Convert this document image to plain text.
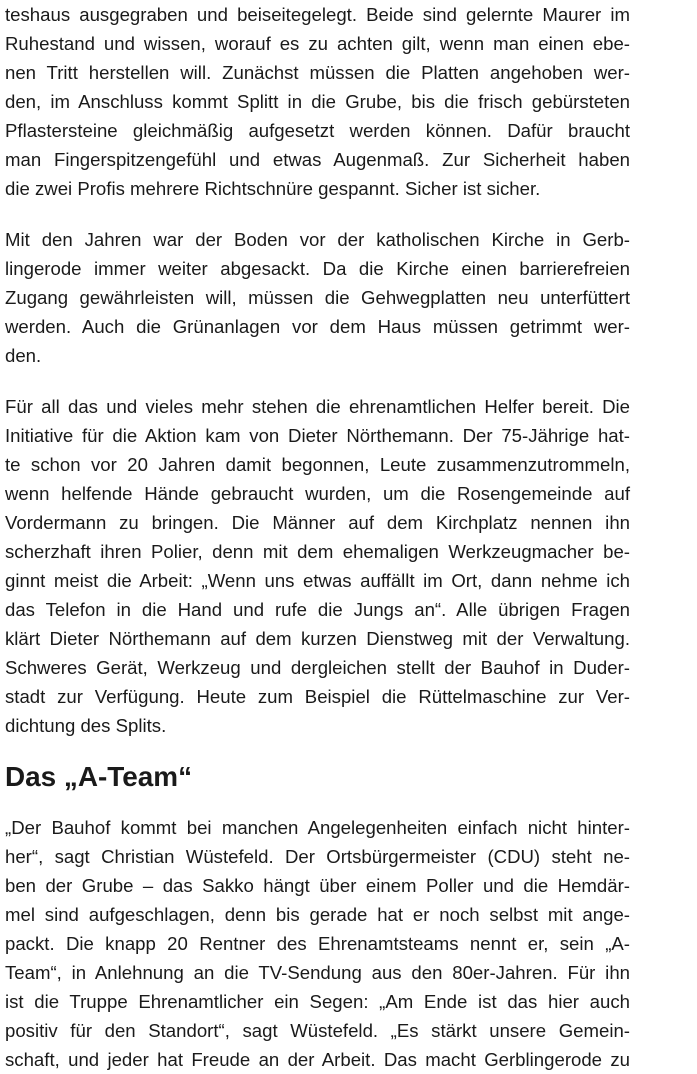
teshaus ausgegraben und beiseitegelegt. Beide sind gelernte Maurer im
Ruhestand und wissen, worauf es zu achten gilt, wenn man einen ebe-
nen Tritt herstellen will. Zunächst müssen die Platten angehoben wer-
den, im Anschluss kommt Splitt in die Grube, bis die frisch gebürsteten
Pflastersteine gleichmäßig aufgesetzt werden können. Dafür braucht
man Fingerspitzengefühl und etwas Augenmaß. Zur Sicherheit haben
die zwei Profis mehrere Richtschnüre gespannt. Sicher ist sicher.
Mit den Jahren war der Boden vor der katholischen Kirche in Gerb-
lingerode immer weiter abgesackt. Da die Kirche einen barrierefreien
Zugang gewährleisten will, müssen die Gehwegplatten neu unterfüttert
werden. Auch die Grünanlagen vor dem Haus müssen getrimmt wer-
den.
Für all das und vieles mehr stehen die ehrenamtlichen Helfer bereit. Die
Initiative für die Aktion kam von Dieter Nörthemann. Der 75-Jährige hat-
te schon vor 20 Jahren damit begonnen, Leute zusammenzutrommeln,
wenn helfende Hände gebraucht wurden, um die Rosengemeinde auf
Vordermann zu bringen. Die Männer auf dem Kirchplatz nennen ihn
scherzhaft ihren Polier, denn mit dem ehemaligen Werkzeugmacher be-
ginnt meist die Arbeit: „Wenn uns etwas auffällt im Ort, dann nehme ich
das Telefon in die Hand und rufe die Jungs an“. Alle übrigen Fragen
klärt Dieter Nörthemann auf dem kurzen Dienstweg mit der Verwaltung.
Schweres Gerät, Werkzeug und dergleichen stellt der Bauhof in Duder-
stadt zur Verfügung. Heute zum Beispiel die Rüttelmaschine zur Ver-
dichtung des Splits.
Das „A-Team“
„Der Bauhof kommt bei manchen Angelegenheiten einfach nicht hinter-
her“, sagt Christian Wüstefeld. Der Ortsbürgermeister (CDU) steht ne-
ben der Grube – das Sakko hängt über einem Poller und die Hemdär-
mel sind aufgeschlagen, denn bis gerade hat er noch selbst mit ange-
packt. Die knapp 20 Rentner des Ehrenamtsteams nennt er, sein „A-
Team“, in Anlehnung an die TV-Sendung aus den 80er-Jahren. Für ihn
ist die Truppe Ehrenamtlicher ein Segen: „Am Ende ist das hier auch
positiv für den Standort“, sagt Wüstefeld. „Es stärkt unsere Gemein-
schaft, und jeder hat Freude an der Arbeit. Das macht Gerblingerode zu
